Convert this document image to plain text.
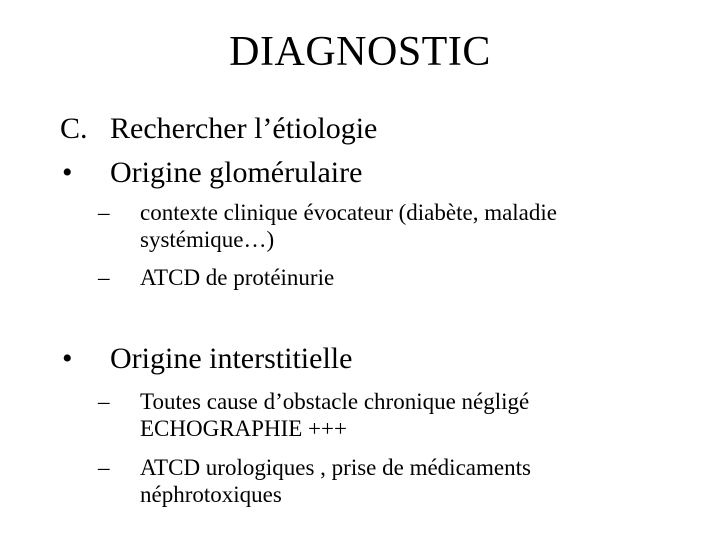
DIAGNOSTIC
C. Rechercher l’étiologie
• Origine glomérulaire
– contexte clinique évocateur (diabète, maladie
systémique…)
– ATCD de protéinurie
• Origine interstitielle
– Toutes cause d’obstacle chronique négligé
ECHOGRAPHIE +++
– ATCD urologiques , prise de médicaments
néphrotoxiques
